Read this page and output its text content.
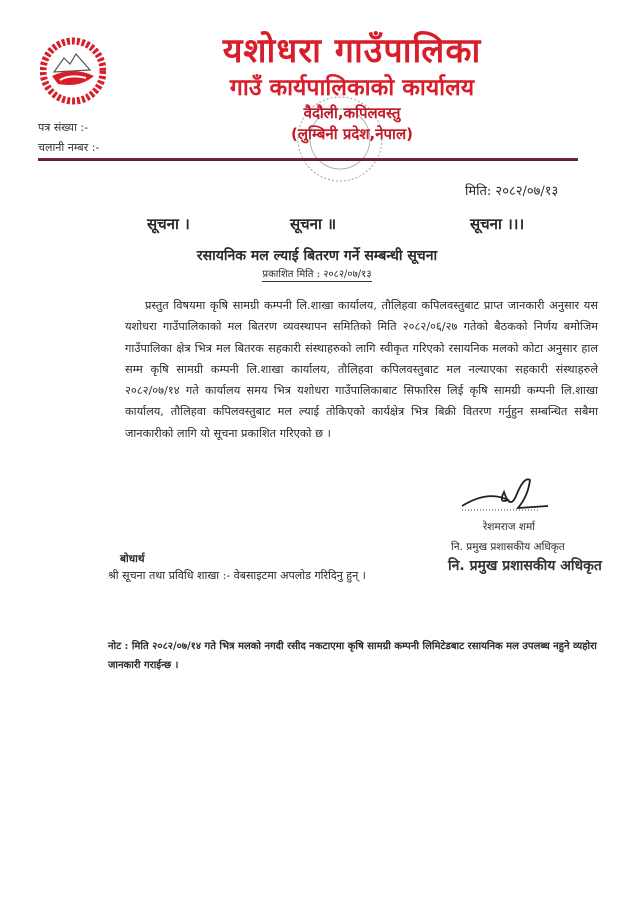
यशोधरा गाउँपालिका
गाउँ कार्यपालिकाको कार्यालय
वैदौली,कपिलवस्तु
(लुम्बिनी प्रदेश,नेपाल)
पत्र संख्या :-
चलानी नम्बर :-
मिति: २०८२/०७/१३
सूचना ।	सूचना ॥	सूचना ।।।
रसायनिक मल ल्याई बितरण गर्ने सम्बन्धी सूचना
प्रकाशित मिति : २०८२/०७/१३
प्रस्तुत विषयमा कृषि सामग्री कम्पनी लि.शाखा कार्यालय, तौलिहवा कपिलवस्तुबाट प्राप्त जानकारी अनुसार यस यशोधरा गाउँपालिकाको मल बितरण व्यवस्थापन समितिको मिति २०८२/०६/२७ गतेको बैठकको निर्णय बमोजिम गाउँपालिका क्षेत्र भित्र मल बितरक सहकारी संस्थाहरुको लागि स्वीकृत गरिएको रसायनिक मलको कोटा अनुसार हाल सम्म कृषि सामग्री कम्पनी लि.शाखा कार्यालय, तौलिहवा कपिलवस्तुबाट मल नल्याएका सहकारी संस्थाहरुले २०८२/०७/१४ गते कार्यालय समय भित्र यशोधरा गाउँपालिकाबाट सिफारिस लिई कृषि सामग्री कम्पनी लि.शाखा कार्यालय, तौलिहवा कपिलवस्तुबाट मल ल्याई तोकिएको कार्यक्षेत्र भित्र बिक्री वितरण गर्नुहुन सम्बन्धित सबैमा जानकारीको लागि यो सूचना प्रकाशित गरिएको छ ।
रेशमराज शर्मा
नि. प्रमुख प्रशासकीय अधिकृत
नि. प्रमुख प्रशासकीय अधिकृत
बोधार्थ
श्री सूचना तथा प्रविधि शाखा :- वेबसाइटमा अपलोड गरिदिनु हुन् ।
नोट : मिति २०८२/०७/१४ गते भित्र मलको नगदी रसीद नकटाएमा कृषि सामग्री कम्पनी लिमिटेडबाट रसायनिक मल उपलब्ध नहुने व्यहोरा जानकारी गराईन्छ ।
